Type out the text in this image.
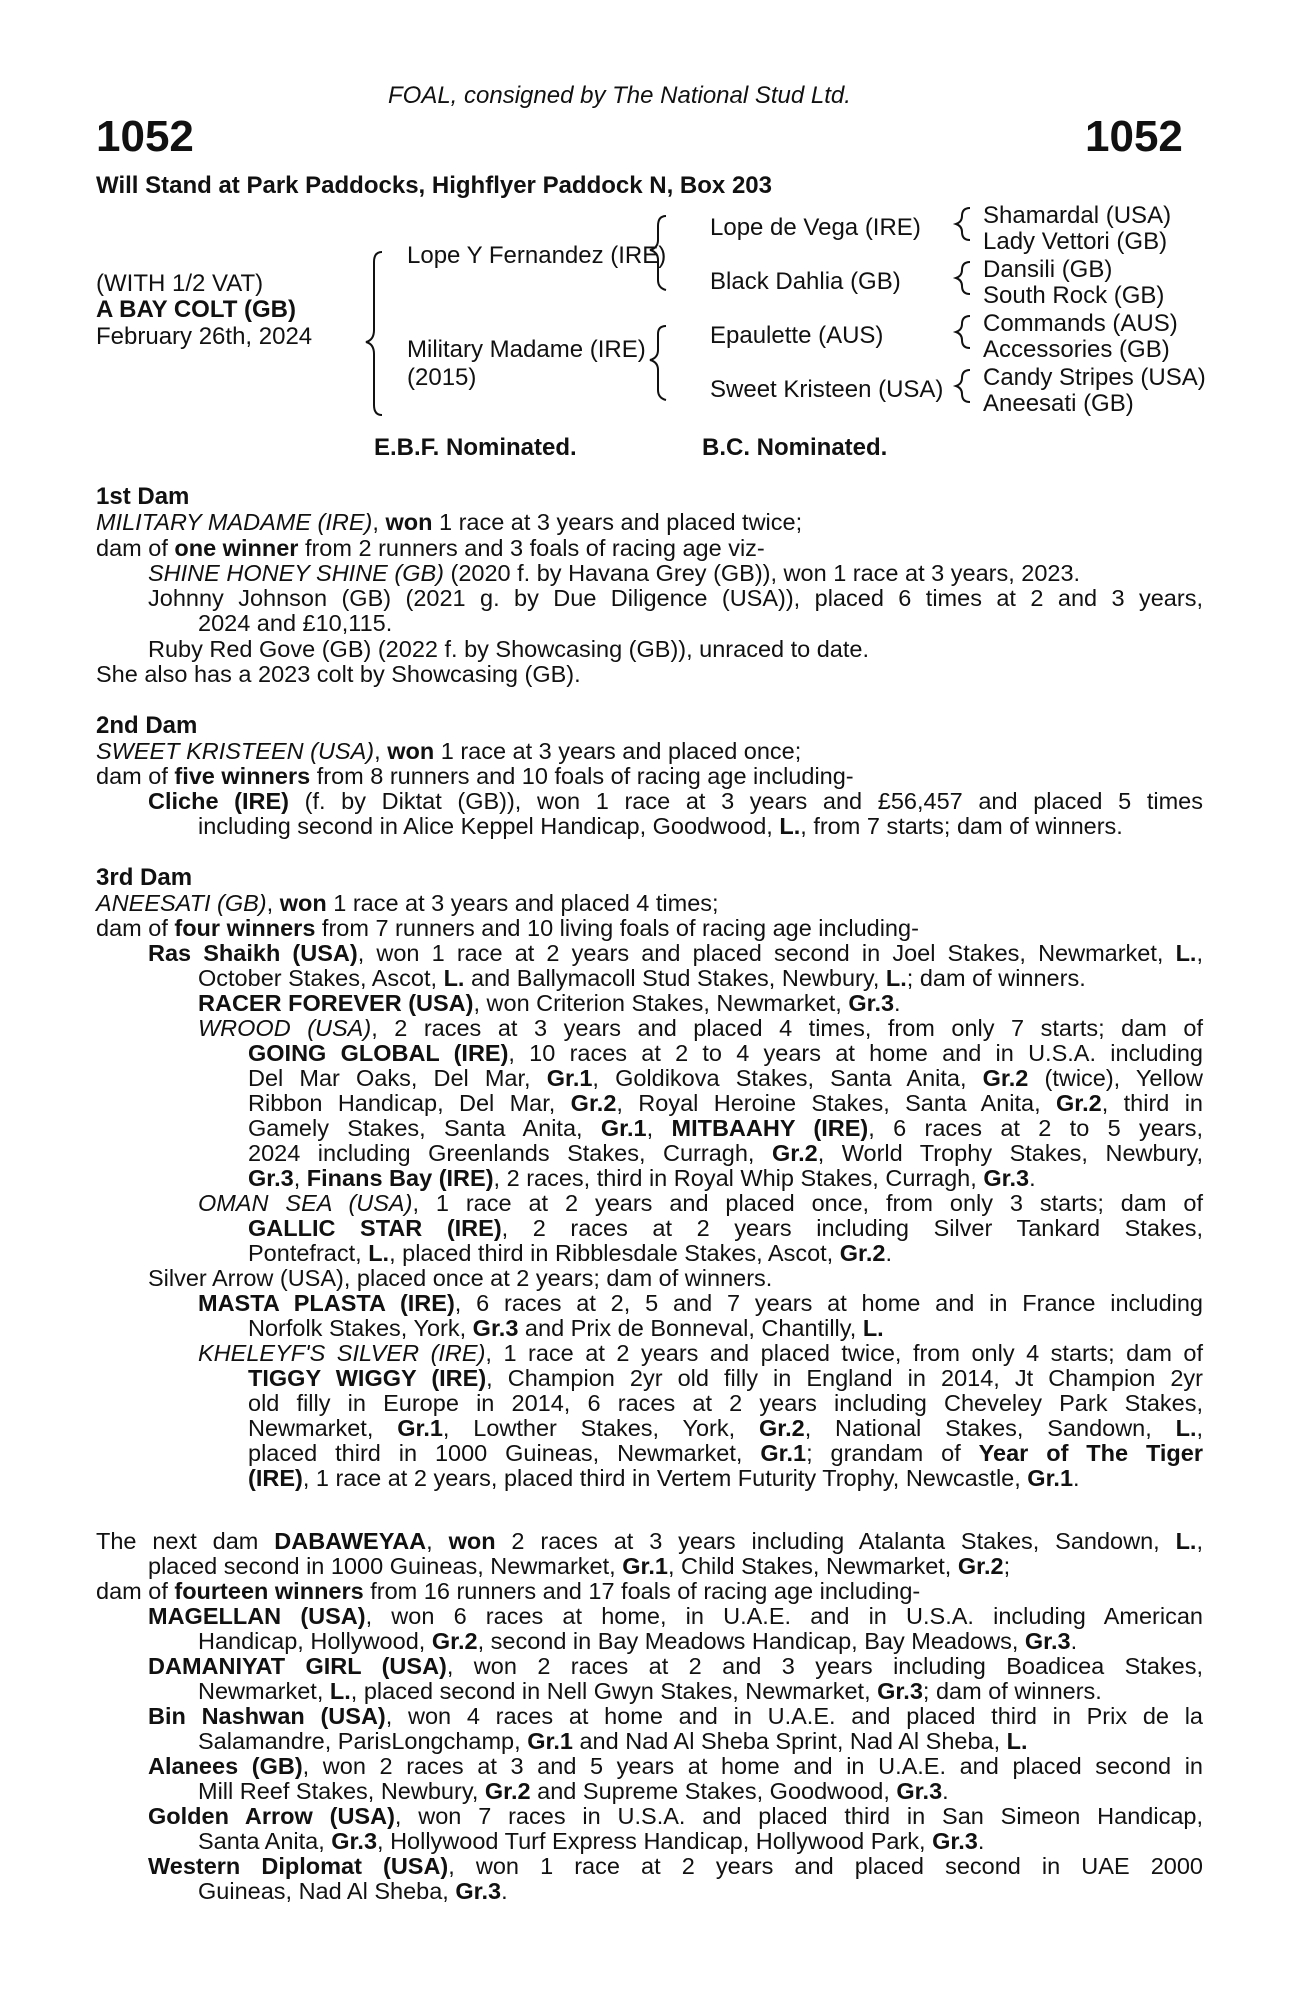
FOAL, consigned by The National Stud Ltd.
1052	1052
Will Stand at Park Paddocks, Highflyer Paddock N, Box 203
(WITH 1/2 VAT)
A BAY COLT (GB)
February 26th, 2024
Lope Y Fernandez (IRE)
Military Madame (IRE)
(2015)
Lope de Vega (IRE)
Black Dahlia (GB)
Epaulette (AUS)
Sweet Kristeen (USA)
Shamardal (USA)
Lady Vettori (GB)
Dansili (GB)
South Rock (GB)
Commands (AUS)
Accessories (GB)
Candy Stripes (USA)
Aneesati (GB)
E.B.F. Nominated.	B.C. Nominated.
1st Dam
MILITARY MADAME (IRE), won 1 race at 3 years and placed twice;
dam of one winner from 2 runners and 3 foals of racing age viz-
SHINE HONEY SHINE (GB) (2020 f. by Havana Grey (GB)), won 1 race at 3 years, 2023.
Johnny Johnson (GB) (2021 g. by Due Diligence (USA)), placed 6 times at 2 and 3 years,
2024 and £10,115.
Ruby Red Gove (GB) (2022 f. by Showcasing (GB)), unraced to date.
She also has a 2023 colt by Showcasing (GB).
2nd Dam
SWEET KRISTEEN (USA), won 1 race at 3 years and placed once;
dam of five winners from 8 runners and 10 foals of racing age including-
Cliche (IRE) (f. by Diktat (GB)), won 1 race at 3 years and £56,457 and placed 5 times
including second in Alice Keppel Handicap, Goodwood, L., from 7 starts; dam of winners.
3rd Dam
ANEESATI (GB), won 1 race at 3 years and placed 4 times;
dam of four winners from 7 runners and 10 living foals of racing age including-
Ras Shaikh (USA), won 1 race at 2 years and placed second in Joel Stakes, Newmarket, L.,
October Stakes, Ascot, L. and Ballymacoll Stud Stakes, Newbury, L.; dam of winners.
RACER FOREVER (USA), won Criterion Stakes, Newmarket, Gr.3.
WROOD (USA), 2 races at 3 years and placed 4 times, from only 7 starts; dam of
GOING GLOBAL (IRE), 10 races at 2 to 4 years at home and in U.S.A. including
Del Mar Oaks, Del Mar, Gr.1, Goldikova Stakes, Santa Anita, Gr.2 (twice), Yellow
Ribbon Handicap, Del Mar, Gr.2, Royal Heroine Stakes, Santa Anita, Gr.2, third in
Gamely Stakes, Santa Anita, Gr.1, MITBAAHY (IRE), 6 races at 2 to 5 years,
2024 including Greenlands Stakes, Curragh, Gr.2, World Trophy Stakes, Newbury,
Gr.3, Finans Bay (IRE), 2 races, third in Royal Whip Stakes, Curragh, Gr.3.
OMAN SEA (USA), 1 race at 2 years and placed once, from only 3 starts; dam of
GALLIC STAR (IRE), 2 races at 2 years including Silver Tankard Stakes,
Pontefract, L., placed third in Ribblesdale Stakes, Ascot, Gr.2.
Silver Arrow (USA), placed once at 2 years; dam of winners.
MASTA PLASTA (IRE), 6 races at 2, 5 and 7 years at home and in France including
Norfolk Stakes, York, Gr.3 and Prix de Bonneval, Chantilly, L.
KHELEYF'S SILVER (IRE), 1 race at 2 years and placed twice, from only 4 starts; dam of
TIGGY WIGGY (IRE), Champion 2yr old filly in England in 2014, Jt Champion 2yr
old filly in Europe in 2014, 6 races at 2 years including Cheveley Park Stakes,
Newmarket, Gr.1, Lowther Stakes, York, Gr.2, National Stakes, Sandown, L.,
placed third in 1000 Guineas, Newmarket, Gr.1; grandam of Year of The Tiger
(IRE), 1 race at 2 years, placed third in Vertem Futurity Trophy, Newcastle, Gr.1.
The next dam DABAWEYAA, won 2 races at 3 years including Atalanta Stakes, Sandown, L.,
placed second in 1000 Guineas, Newmarket, Gr.1, Child Stakes, Newmarket, Gr.2;
dam of fourteen winners from 16 runners and 17 foals of racing age including-
MAGELLAN (USA), won 6 races at home, in U.A.E. and in U.S.A. including American
Handicap, Hollywood, Gr.2, second in Bay Meadows Handicap, Bay Meadows, Gr.3.
DAMANIYAT GIRL (USA), won 2 races at 2 and 3 years including Boadicea Stakes,
Newmarket, L., placed second in Nell Gwyn Stakes, Newmarket, Gr.3; dam of winners.
Bin Nashwan (USA), won 4 races at home and in U.A.E. and placed third in Prix de la
Salamandre, ParisLongchamp, Gr.1 and Nad Al Sheba Sprint, Nad Al Sheba, L.
Alanees (GB), won 2 races at 3 and 5 years at home and in U.A.E. and placed second in
Mill Reef Stakes, Newbury, Gr.2 and Supreme Stakes, Goodwood, Gr.3.
Golden Arrow (USA), won 7 races in U.S.A. and placed third in San Simeon Handicap,
Santa Anita, Gr.3, Hollywood Turf Express Handicap, Hollywood Park, Gr.3.
Western Diplomat (USA), won 1 race at 2 years and placed second in UAE 2000
Guineas, Nad Al Sheba, Gr.3.
